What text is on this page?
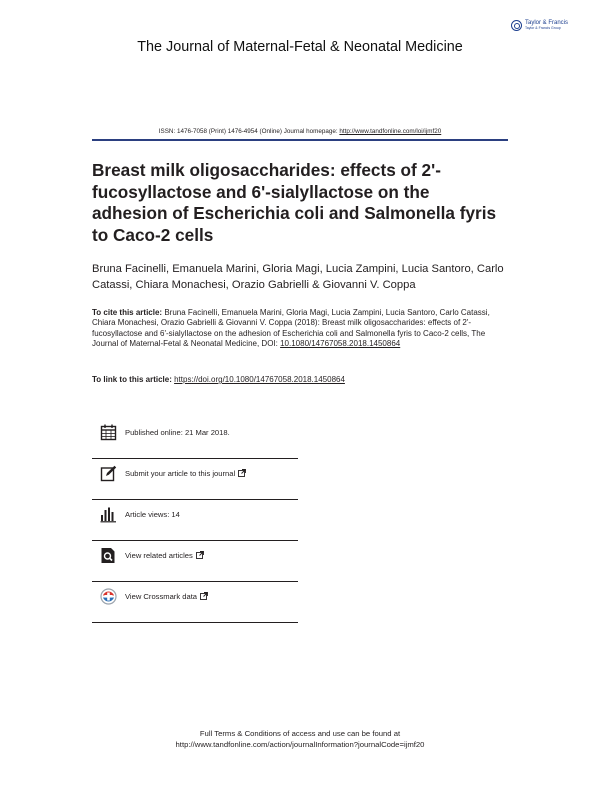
Taylor & Francis
Taylor & Francis Group
The Journal of Maternal-Fetal & Neonatal Medicine
ISSN: 1476-7058 (Print) 1476-4954 (Online) Journal homepage: http://www.tandfonline.com/loi/ijmf20
Breast milk oligosaccharides: effects of 2'-fucosyllactose and 6'-sialyllactose on the adhesion of Escherichia coli and Salmonella fyris to Caco-2 cells
Bruna Facinelli, Emanuela Marini, Gloria Magi, Lucia Zampini, Lucia Santoro, Carlo Catassi, Chiara Monachesi, Orazio Gabrielli & Giovanni V. Coppa
To cite this article: Bruna Facinelli, Emanuela Marini, Gloria Magi, Lucia Zampini, Lucia Santoro, Carlo Catassi, Chiara Monachesi, Orazio Gabrielli & Giovanni V. Coppa (2018): Breast milk oligosaccharides: effects of 2'-fucosyllactose and 6'-sialyllactose on the adhesion of Escherichia coli and Salmonella fyris to Caco-2 cells, The Journal of Maternal-Fetal & Neonatal Medicine, DOI: 10.1080/14767058.2018.1450864
To link to this article: https://doi.org/10.1080/14767058.2018.1450864
Published online: 21 Mar 2018.
Submit your article to this journal
Article views: 14
View related articles
View Crossmark data
Full Terms & Conditions of access and use can be found at
http://www.tandfonline.com/action/journalInformation?journalCode=ijmf20
